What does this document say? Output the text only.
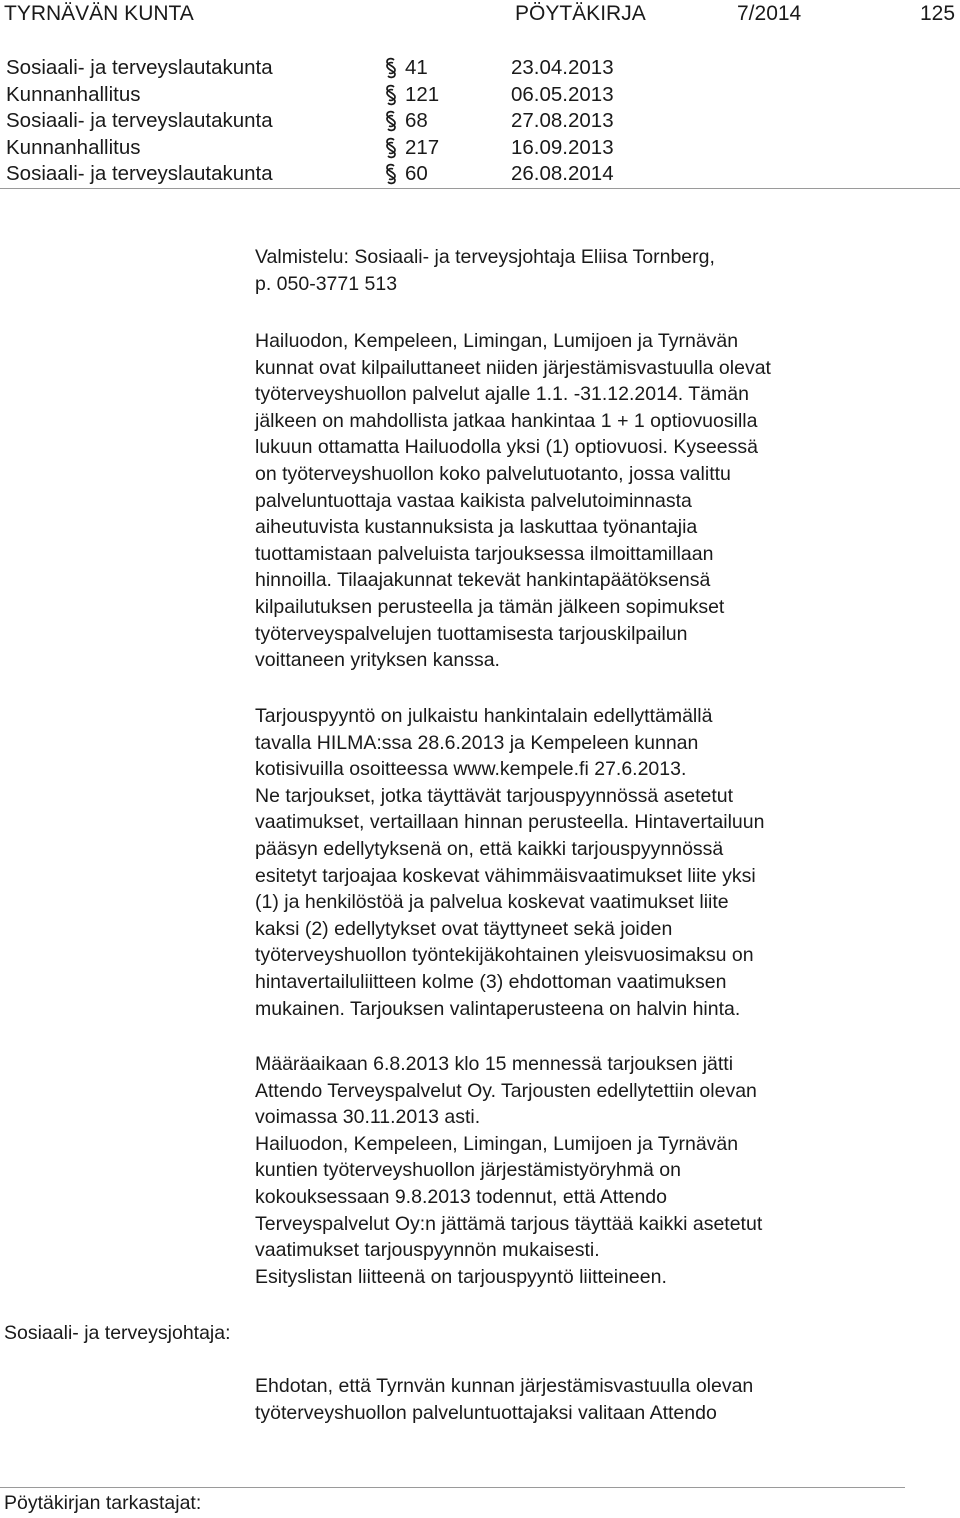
TYRNÄVÄN KUNTA	PÖYTÄKIRJA	7/2014	125
Sosiaali- ja terveyslautakunta	41	23.04.2013
Kunnanhallitus	121	06.05.2013
Sosiaali- ja terveyslautakunta	68	27.08.2013
Kunnanhallitus	217	16.09.2013
Sosiaali- ja terveyslautakunta	60	26.08.2014
Valmistelu: Sosiaali- ja terveysjohtaja Eliisa Tornberg,
p. 050-3771 513
Hailuodon, Kempeleen, Limingan, Lumijoen ja Tyrnävän
kunnat ovat kilpailuttaneet niiden järjestämisvastuulla olevat
työterveyshuollon palvelut ajalle 1.1. -31.12.2014. Tämän
jälkeen on mahdollista jatkaa hankintaa 1 + 1 optiovuosilla
lukuun ottamatta Hailuodolla yksi (1) optiovuosi. Kyseessä
on työterveyshuollon koko palvelutuotanto, jossa valittu
palveluntuottaja vastaa kaikista palvelutoiminnasta
aiheutuvista kustannuksista ja laskuttaa työnantajia
tuottamistaan palveluista tarjouksessa ilmoittamillaan
hinnoilla. Tilaajakunnat tekevät hankintapäätöksensä
kilpailutuksen perusteella ja tämän jälkeen sopimukset
työterveyspalvelujen tuottamisesta tarjouskilpailun
voittaneen yrityksen kanssa.
Tarjouspyyntö on julkaistu hankintalain edellyttämällä
tavalla HILMA:ssa 28.6.2013 ja Kempeleen kunnan
kotisivuilla osoitteessa www.kempele.fi 27.6.2013.
Ne tarjoukset, jotka täyttävät tarjouspyynnössä asetetut
vaatimukset, vertaillaan hinnan perusteella. Hintavertailuun
pääsyn edellytyksenä on, että kaikki tarjouspyynnössä
esitetyt tarjoajaa koskevat vähimmäisvaatimukset liite yksi
(1) ja henkilöstöä ja palvelua koskevat vaatimukset liite
kaksi (2) edellytykset ovat täyttyneet sekä joiden
työterveyshuollon työntekijäkohtainen yleisvuosimaksu on
hintavertailuliitteen kolme (3) ehdottoman vaatimuksen
mukainen. Tarjouksen valintaperusteena on halvin hinta.
Määräaikaan 6.8.2013 klo 15 mennessä tarjouksen jätti
Attendo Terveyspalvelut Oy. Tarjousten edellytettiin olevan
voimassa 30.11.2013 asti.
Hailuodon, Kempeleen, Limingan, Lumijoen ja Tyrnävän
kuntien työterveyshuollon järjestämistyöryhmä on
kokouksessaan 9.8.2013 todennut, että Attendo
Terveyspalvelut Oy:n jättämä tarjous täyttää kaikki asetetut
vaatimukset tarjouspyynnön mukaisesti.
Esityslistan liitteenä on tarjouspyyntö liitteineen.
Sosiaali- ja terveysjohtaja:
Ehdotan, että Tyrnvän kunnan järjestämisvastuulla olevan
työterveyshuollon palveluntuottajaksi valitaan Attendo
Pöytäkirjan tarkastajat:
